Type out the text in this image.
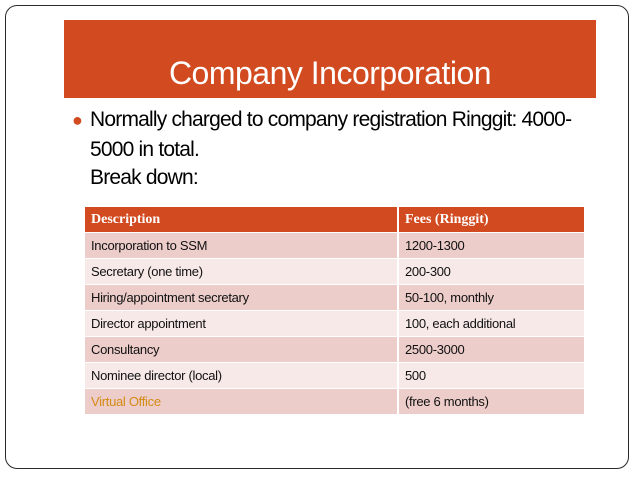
Company Incorporation
● Normally charged to company registration Ringgit: 4000-5000 in total.
Break down:
Description	Fees (Ringgit)
Incorporation to SSM	1200-1300
Secretary (one time)	200-300
Hiring/appointment secretary	50-100, monthly
Director appointment	100, each additional
Consultancy	2500-3000
Nominee director (local)	500
Virtual Office	(free 6 months)
